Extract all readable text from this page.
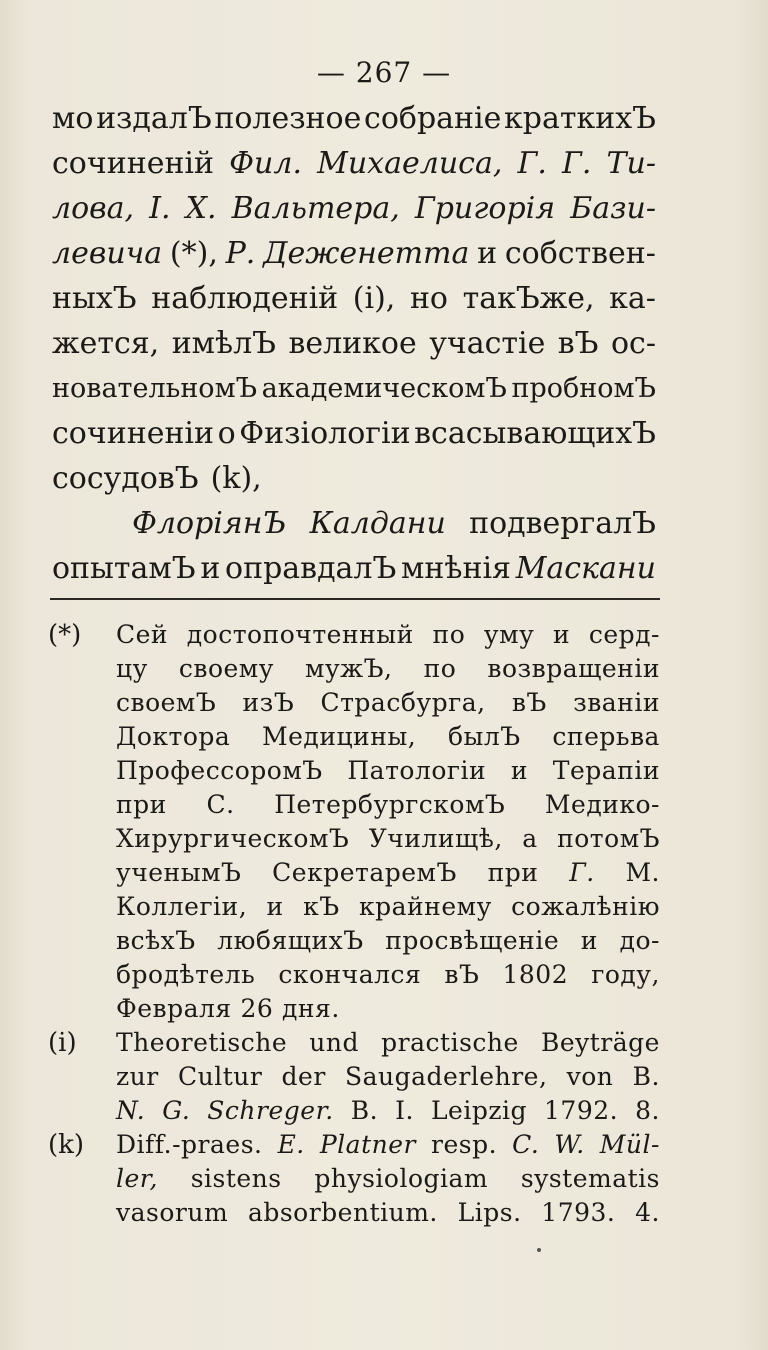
— 267 —
мо издалЪ полезное собраніе краткихЪ
сочиненій Фил. Михаелиса, Г. Г. Ти-
лова, І. Х. Вальтера, Григорія Бази-
левича (*), Р. Деженетта и собствен-
ныхЪ наблюденій (i), но такЪже, ка-
жется, имѣлЪ великое участіе вЪ ос-
новательномЪ академическомЪ пробномЪ
сочиненіи о Физіологіи всасывающихЪ
сосудовЪ (k),
ФлоріянЪ Калдани подвергалЪ
опытамЪ и оправдалЪ мнѣнія Маскани
(*)	Сей достопочтенный по уму и серд-
цу своему мужЪ, по возвращеніи
своемЪ изЪ Страсбурга, вЪ званіи
Доктора Медицины, былЪ сперьва
ПрофессоромЪ Патологіи и Терапіи
при С. ПетербургскомЪ Медико-
ХирургическомЪ Училищѣ, а потомЪ
ученымЪ СекретаремЪ при Г. М.
Коллегіи, и кЪ крайнему сожалѣнію
всѣхЪ любящихЪ просвѣщеніе и до-
бродѣтель скончался вЪ 1802 году,
Февраля 26 дня.
(i)	Theoretische und practische Beyträge
zur Cultur der Saugaderlehre, von B.
N. G. Schreger. B. I. Leipzig 1792. 8.
(k)	Diff.-praes. E. Platner resp. C. W. Mül-
ler, sistens physiologiam systematis
vasorum absorbentium. Lips. 1793. 4.
